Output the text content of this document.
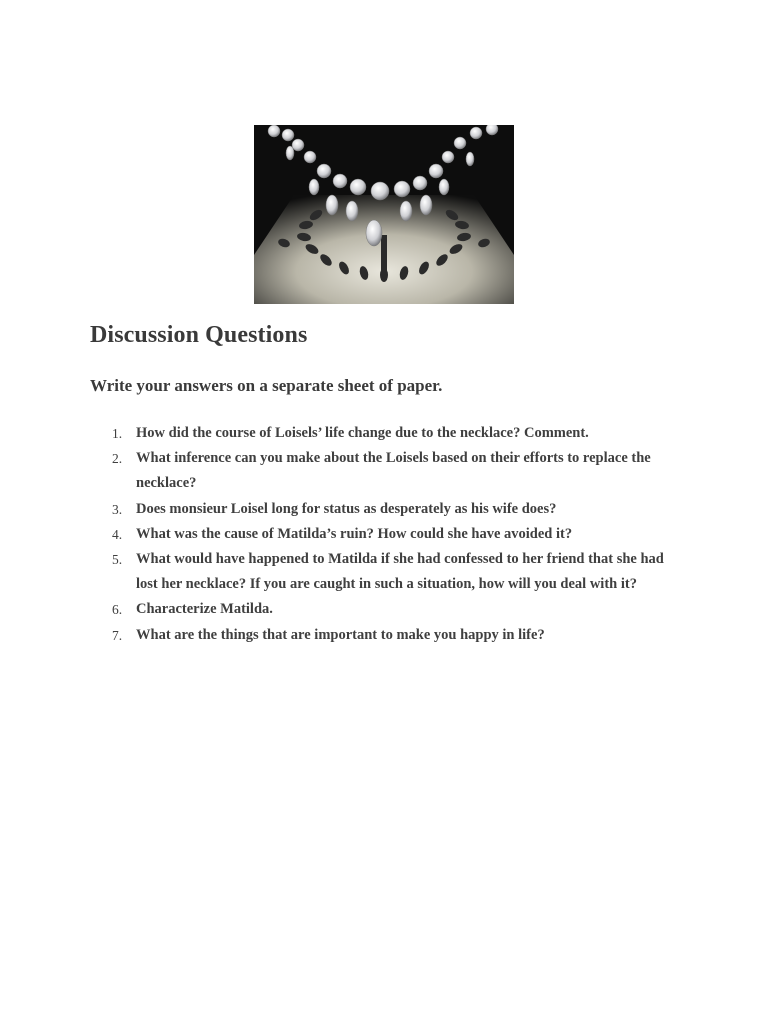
Discussion Questions
Write your answers on a separate sheet of paper.
1. How did the course of Loisels’ life change due to the necklace? Comment.
2. What inference can you make about the Loisels based on their efforts to replace the necklace?
3. Does monsieur Loisel long for status as desperately as his wife does?
4. What was the cause of Matilda’s ruin? How could she have avoided it?
5. What would have happened to Matilda if she had confessed to her friend that she had lost her necklace? If you are caught in such a situation, how will you deal with it?
6. Characterize Matilda.
7. What are the things that are important to make you happy in life?
